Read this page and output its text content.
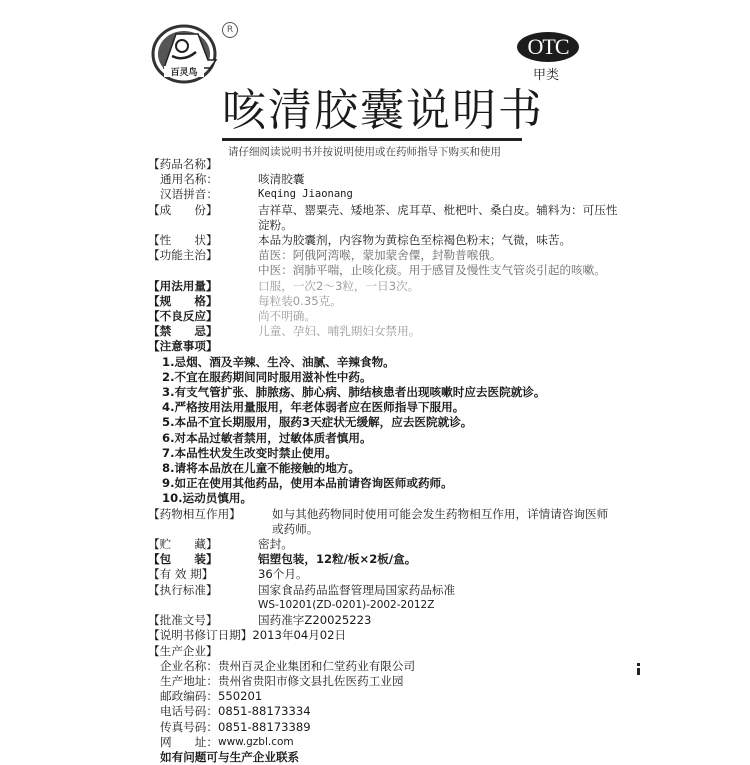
百灵鸟
R
OTC
甲类
咳清胶囊说明书
请仔细阅读说明书并按说明使用或在药师指导下购买和使用
【药品名称】
通用名称：	咳清胶囊
汉语拼音：	Keqing Jiaonang
【成　　份】	吉祥草、罂粟壳、矮地茶、虎耳草、枇杷叶、桑白皮。辅料为：可压性淀粉。
【性　　状】	本品为胶囊剂，内容物为黄棕色至棕褐色粉末；气微，味苦。
【功能主治】	苗医：阿俄阿湾喉，蒙加蒙舍僳，封勒普喉俄。
中医：润肺平喘，止咳化痰。用于感冒及慢性支气管炎引起的咳嗽。
【用法用量】	口服，一次2～3粒，一日3次。
【规　　格】	每粒装0.35克。
【不良反应】	尚不明确。
【禁　　忌】	儿童、孕妇、哺乳期妇女禁用。
【注意事项】
1.忌烟、酒及辛辣、生冷、油腻、辛辣食物。
2.不宜在服药期间同时服用滋补性中药。
3.有支气管扩张、肺脓疡、肺心病、肺结核患者出现咳嗽时应去医院就诊。
4.严格按用法用量服用，年老体弱者应在医师指导下服用。
5.本品不宜长期服用，服药3天症状无缓解，应去医院就诊。
6.对本品过敏者禁用，过敏体质者慎用。
7.本品性状发生改变时禁止使用。
8.请将本品放在儿童不能接触的地方。
9.如正在使用其他药品，使用本品前请咨询医师或药师。
10.运动员慎用。
【药物相互作用】	如与其他药物同时使用可能会发生药物相互作用，详情请咨询医师或药师。
【贮　　藏】	密封。
【包　　装】	铝塑包装，12粒/板×2板/盒。
【有 效 期】	36个月。
【执行标准】	国家食品药品监督管理局国家药品标准
WS-10201(ZD-0201)-2002-2012Z
【批准文号】	国药准字Z20025223
【说明书修订日期】 2013年04月02日
【生产企业】
企业名称： 贵州百灵企业集团和仁堂药业有限公司
生产地址： 贵州省贵阳市修文县扎佐医药工业园
邮政编码： 550201
电话号码： 0851-88173334
传真号码： 0851-88173389
网　　址： www.gzbl.com
如有问题可与生产企业联系
